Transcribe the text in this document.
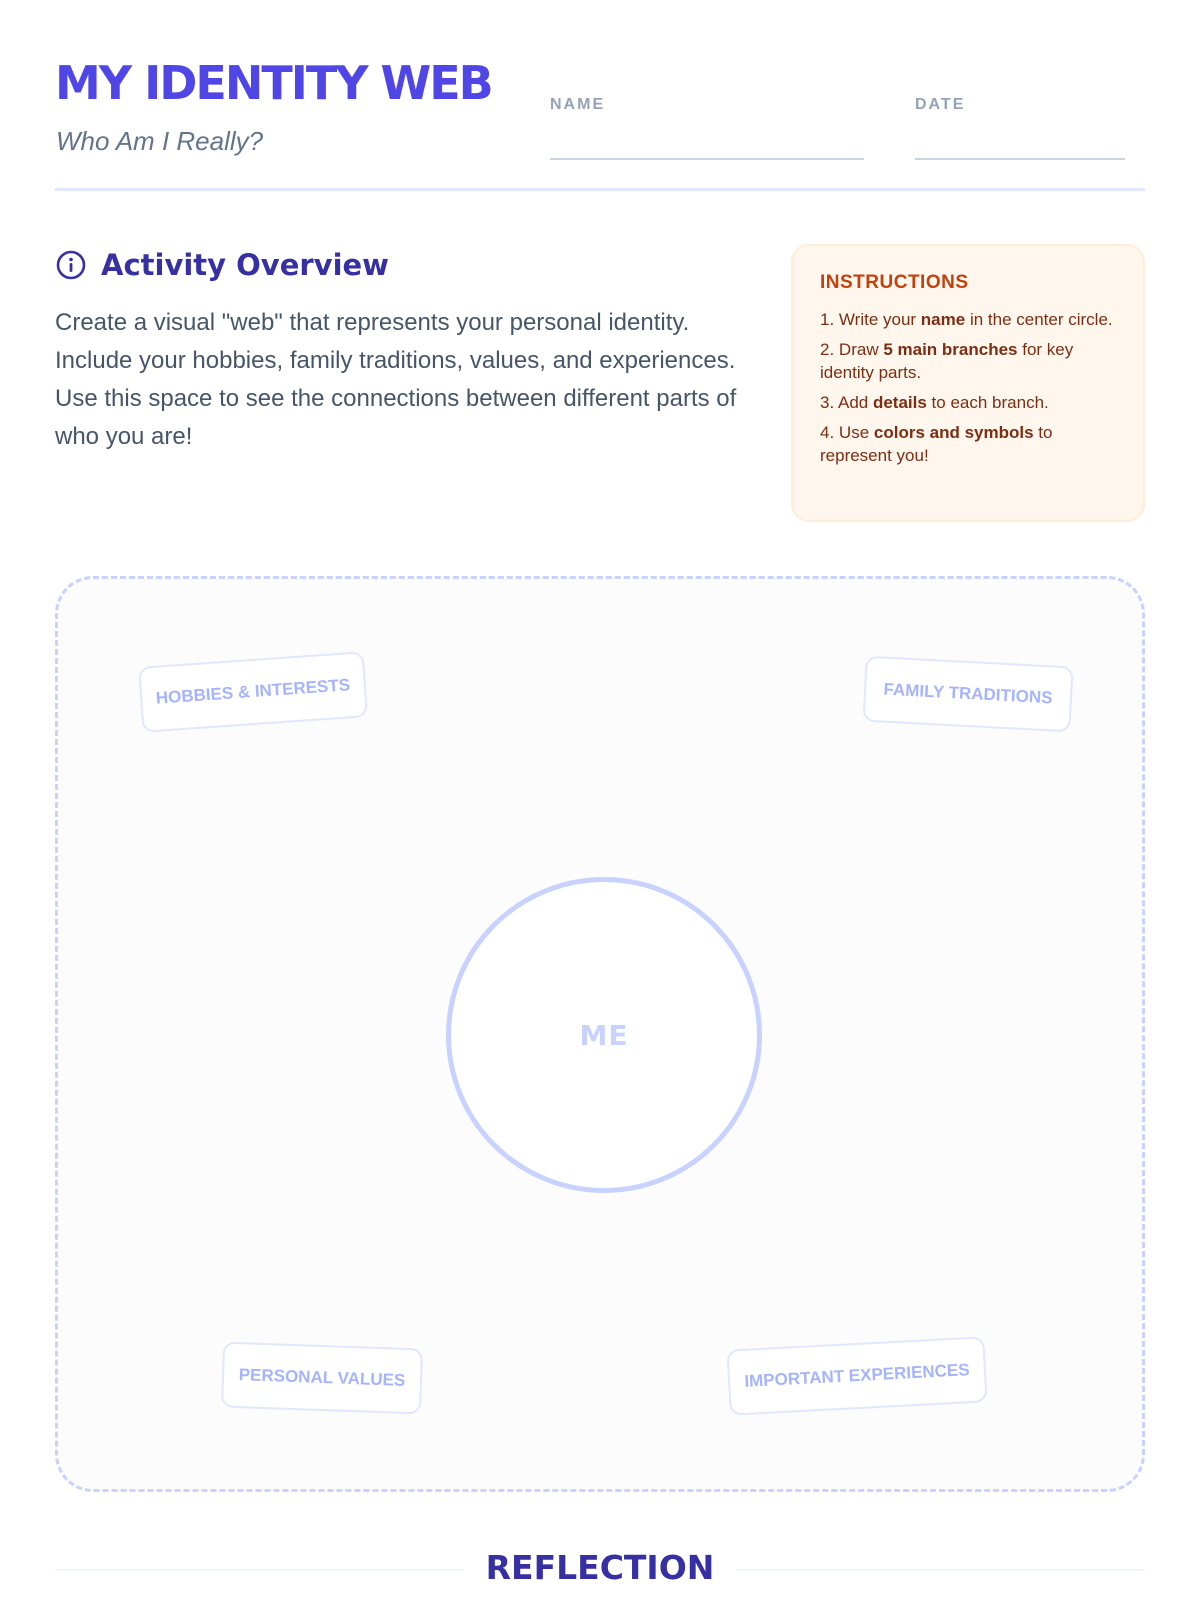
MY IDENTITY WEB

Who Am I Really?

NAME	DATE
Activity Overview

Create a visual "web" that represents your personal identity. Include your hobbies, family traditions, values, and experiences. Use this space to see the connections between different parts of who you are!

INSTRUCTIONS
1. Write your name in the center circle.
2. Draw 5 main branches for key identity parts.
3. Add details to each branch.
4. Use colors and symbols to represent you!
HOBBIES & INTERESTS	FAMILY TRADITIONS
ME
PERSONAL VALUES	IMPORTANT EXPERIENCES
REFLECTION
